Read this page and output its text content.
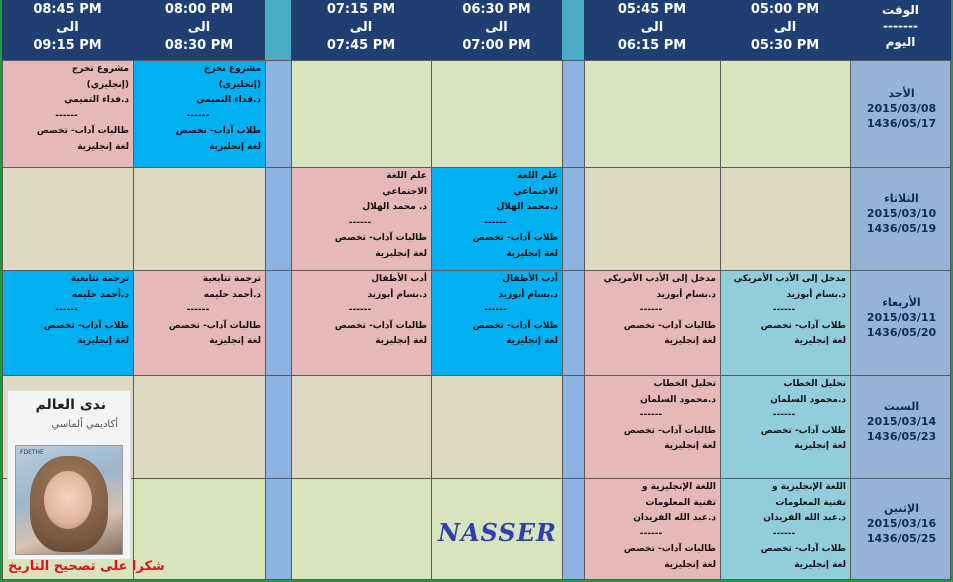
الوقت
-------
اليوم
05:00 PM
الى
05:30 PM
05:45 PM
الى
06:15 PM
06:30 PM
الى
07:00 PM
07:15 PM
الى
07:45 PM
08:00 PM
الى
08:30 PM
08:45 PM
الى
09:15 PM
الأحد
2015/03/08
1436/05/17
مشروع تخرج
(إنجليزي)
د.فداء التميمي
------
طلاب آداب- تخصص
لغة إنجليزية
مشروع تخرج
(إنجليزي)
د.فداء التميمي
------
طالبات آداب- تخصص
لغة إنجليزية
الثلاثاء
2015/03/10
1436/05/19
علم اللغة
الاجتماعي
د.محمد الهلال
------
طلاب آداب- تخصص
لغة إنجليزية
علم اللغة
الاجتماعي
د. محمد الهلال
------
طالبات آداب- تخصص
لغة إنجليزية
الأربعاء
2015/03/11
1436/05/20
مدخل إلى الأدب الأمريكي
د.بسام أبوزيد
------
طلاب آداب- تخصص
لغة إنجليزية
مدخل إلى الأدب الأمريكي
د.بسام أبوزيد
------
طالبات آداب- تخصص
لغة إنجليزية
أدب الأطفال
د.بسام أبوزيد
------
طلاب آداب- تخصص
لغة إنجليزية
أدب الأطفال
د.بسام أبوزيد
------
طالبات آداب- تخصص
لغة إنجليزية
ترجمة تتابعية
د.أحمد حليمه
------
طالبات آداب- تخصص
لغة إنجليزية
ترجمة تتابعية
د.أحمد حليمه
------
طلاب آداب- تخصص
لغة إنجليزية
السبت
2015/03/14
1436/05/23
تحليل الخطاب
د.محمود السلمان
------
طلاب آداب- تخصص
لغة إنجليزية
تحليل الخطاب
د.محمود السلمان
------
طالبات آداب- تخصص
لغة إنجليزية
الإثنين
2015/03/16
1436/05/25
اللغة الإنجليزية و
تقنية المعلومات
د.عبد الله الفريدان
------
طلاب آداب- تخصص
لغة إنجليزية
اللغة الإنجليزية و
تقنية المعلومات
د.عبد الله الفريدان
------
طالبات آداب- تخصص
لغة إنجليزية
NASSER
ندى العالم
أكاديمي ألماسي
FDETHE
شكرا على تصحيح التاريخ
